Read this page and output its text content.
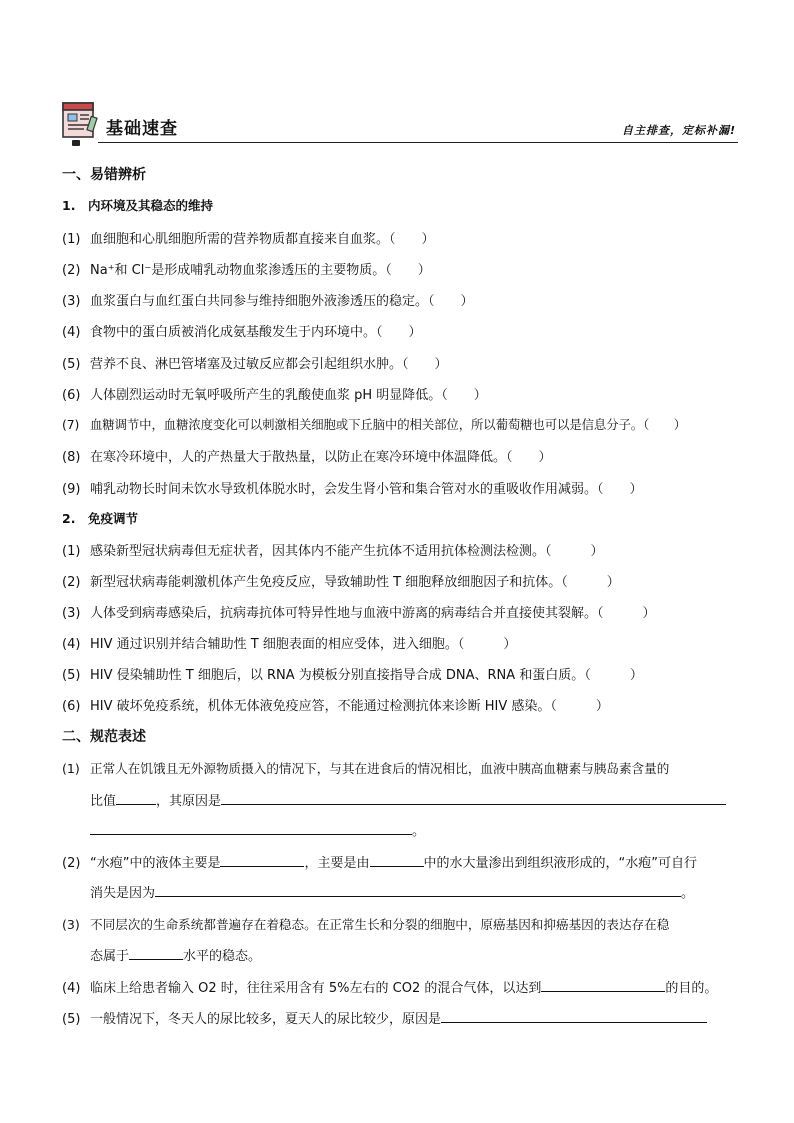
基础速查	自主排查，定标补漏!
一、易错辨析
1. 内环境及其稳态的维持
(1) 血细胞和心肌细胞所需的营养物质都直接来自血浆。（　　）
(2) Na⁺和 Cl⁻是形成哺乳动物血浆渗透压的主要物质。（　　）
(3) 血浆蛋白与血红蛋白共同参与维持细胞外液渗透压的稳定。（　　）
(4) 食物中的蛋白质被消化成氨基酸发生于内环境中。（　　）
(5) 营养不良、淋巴管堵塞及过敏反应都会引起组织水肿。（　　）
(6) 人体剧烈运动时无氧呼吸所产生的乳酸使血浆 pH 明显降低。（　　）
(7) 血糖调节中，血糖浓度变化可以刺激相关细胞或下丘脑中的相关部位，所以葡萄糖也可以是信息分子。（　　）
(8) 在寒冷环境中，人的产热量大于散热量，以防止在寒冷环境中体温降低。（　　）
(9) 哺乳动物长时间未饮水导致机体脱水时，会发生肾小管和集合管对水的重吸收作用减弱。（　　）
2. 免疫调节
(1) 感染新型冠状病毒但无症状者，因其体内不能产生抗体不适用抗体检测法检测。（　　　）
(2) 新型冠状病毒能刺激机体产生免疫反应，导致辅助性 T 细胞释放细胞因子和抗体。（　　　）
(3) 人体受到病毒感染后，抗病毒抗体可特异性地与血液中游离的病毒结合并直接使其裂解。（　　　）
(4) HIV 通过识别并结合辅助性 T 细胞表面的相应受体，进入细胞。（　　　）
(5) HIV 侵染辅助性 T 细胞后，以 RNA 为模板分别直接指导合成 DNA、RNA 和蛋白质。（　　　）
(6) HIV 破坏免疫系统，机体无体液免疫应答，不能通过检测抗体来诊断 HIV 感染。（　　　）
二、规范表述
(1) 正常人在饥饿且无外源物质摄入的情况下，与其在进食后的情况相比，血液中胰高血糖素与胰岛素含量的
比值	，其原因是
。
(2) “水疱”中的液体主要是	，主要是由	中的水大量渗出到组织液形成的，“水疱”可自行
消失是因为	。
(3) 不同层次的生命系统都普遍存在着稳态。在正常生长和分裂的细胞中，原癌基因和抑癌基因的表达存在稳
态属于	水平的稳态。
(4) 临床上给患者输入 O2 时，往往采用含有 5%左右的 CO2 的混合气体，以达到	的目的。
(5) 一般情况下，冬天人的尿比较多，夏天人的尿比较少，原因是
